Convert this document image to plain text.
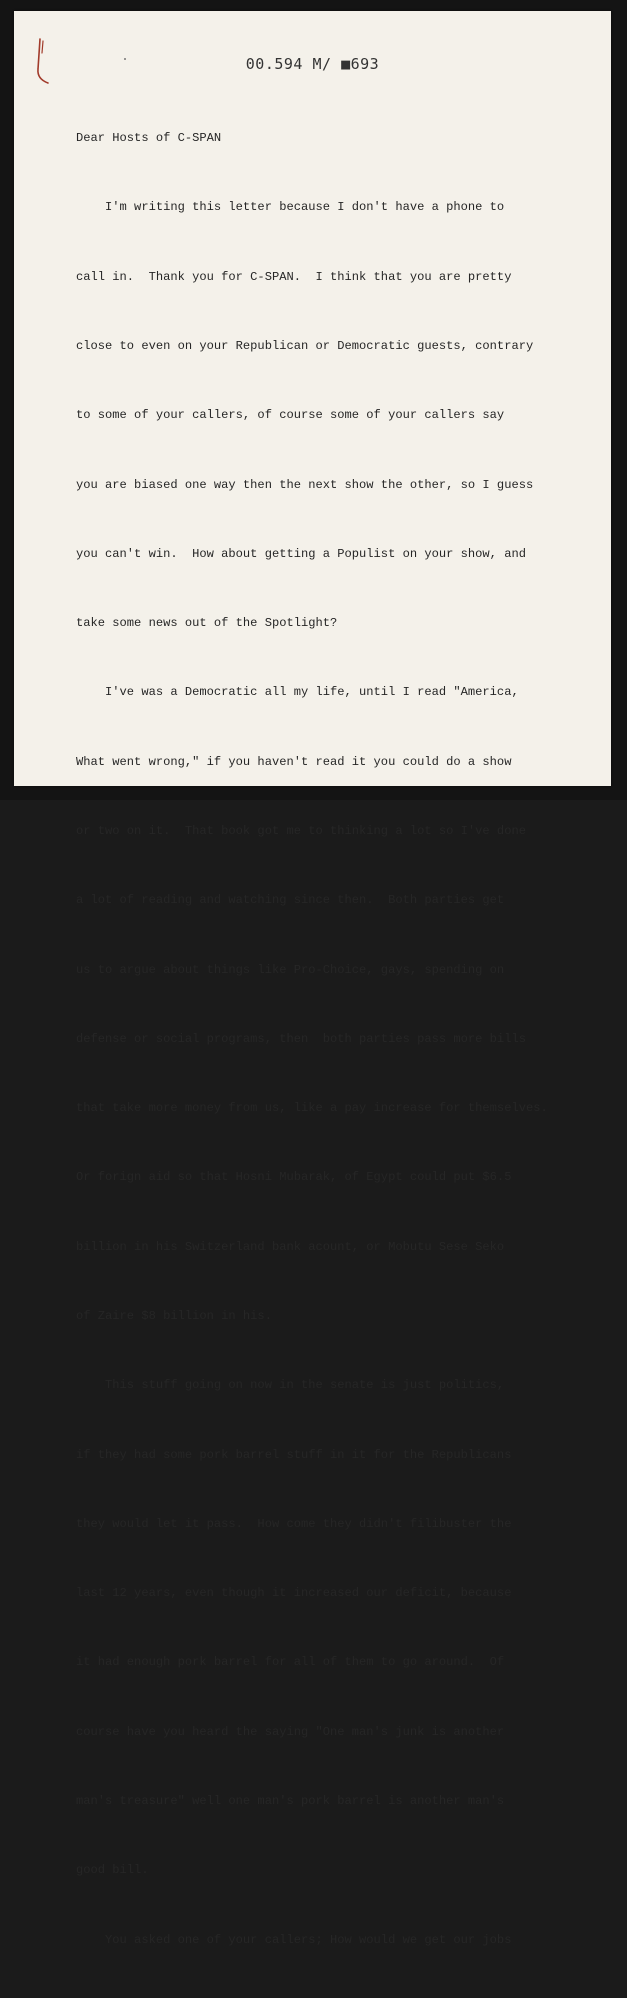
00.594 M/ ■693

Dear Hosts of C-SPAN

I'm writing this letter because I don't have a phone to

call in.  Thank you for C-SPAN.  I think that you are pretty

close to even on your Republican or Democratic guests, contrary

to some of your callers, of course some of your callers say

you are biased one way then the next show the other, so I guess

you can't win.  How about getting a Populist on your show, and

take some news out of the Spotlight?

I've was a Democratic all my life, until I read "America,

What went wrong," if you haven't read it you could do a show

or two on it.  That book got me to thinking a lot so I've done

a lot of reading and watching since then.  Both parties get

us to argue about things like Pro-Choice, gays, spending on

defense or social programs, then  both parties pass more bills

that take more money from us, like a pay increase for themselves.

Or forign aid so that Hosni Mubarak, of Egypt could put $6.5

billion in his Switzerland bank acount, or Mobutu Sese Seko

of Zaire $8 billion in his.

This stuff going on now in the senate is just politics,

if they had some pork barrel stuff in it for the Republicans

they would let it pass.  How come they didn't filibuster the

last 12 years, even though it increased our deficit, because

it had enough pork barrel for all of them to go around.  Of

course have you heard the saying "One man's junk is another

man's treasure" well one man's pork barrel is another man's

good bill.

You asked one of your callers; How would we get our jobs
